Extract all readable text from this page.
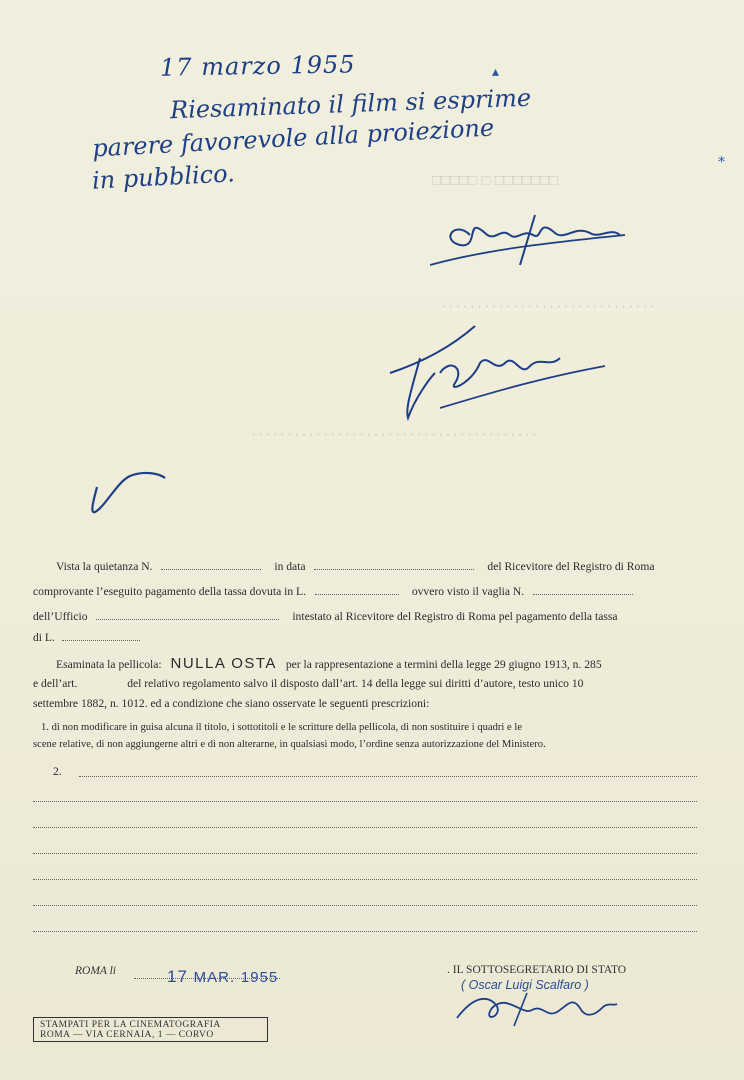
□□□□□ □ □□□□□□□
······························
········································
17 marzo 1955
Riesaminato il film si esprime
parere favorevole alla proiezione
in pubblico.
▴
⁎
Vista la quietanza N.	in data	del Ricevitore del Registro di Roma
comprovante l’eseguito pagamento della tassa dovuta in L.	ovvero visto il vaglia N.
dell’Ufficio	intestato al Ricevitore del Registro di Roma pel pagamento della tassa
di L.
Esaminata la pellicola: NULLA OSTA per la rappresentazione a termini della legge 29 giugno 1913, n. 285
e dell’art.	del relativo regolamento salvo il disposto dall’art. 14 della legge sui diritti d’autore, testo unico 10
settembre 1882, n. 1012. ed a condizione che siano osservate le seguenti prescrizioni:
1. di non modificare in guisa alcuna il titolo, i sottotitoli e le scritture della pellicola, di non sostituire i quadri e le
scene relative, di non aggiungerne altri e di non alterarne, in qualsiasi modo, l’ordine senza autorizzazione del Ministero.
2.
ROMA li	17 MAR. 1955	. IL SOTTOSEGRETARIO DI STATO
( Oscar Luigi Scalfaro )
STAMPATI PER LA CINEMATOGRAFIA
ROMA — VIA CERNAIA, 1 — CORVO
